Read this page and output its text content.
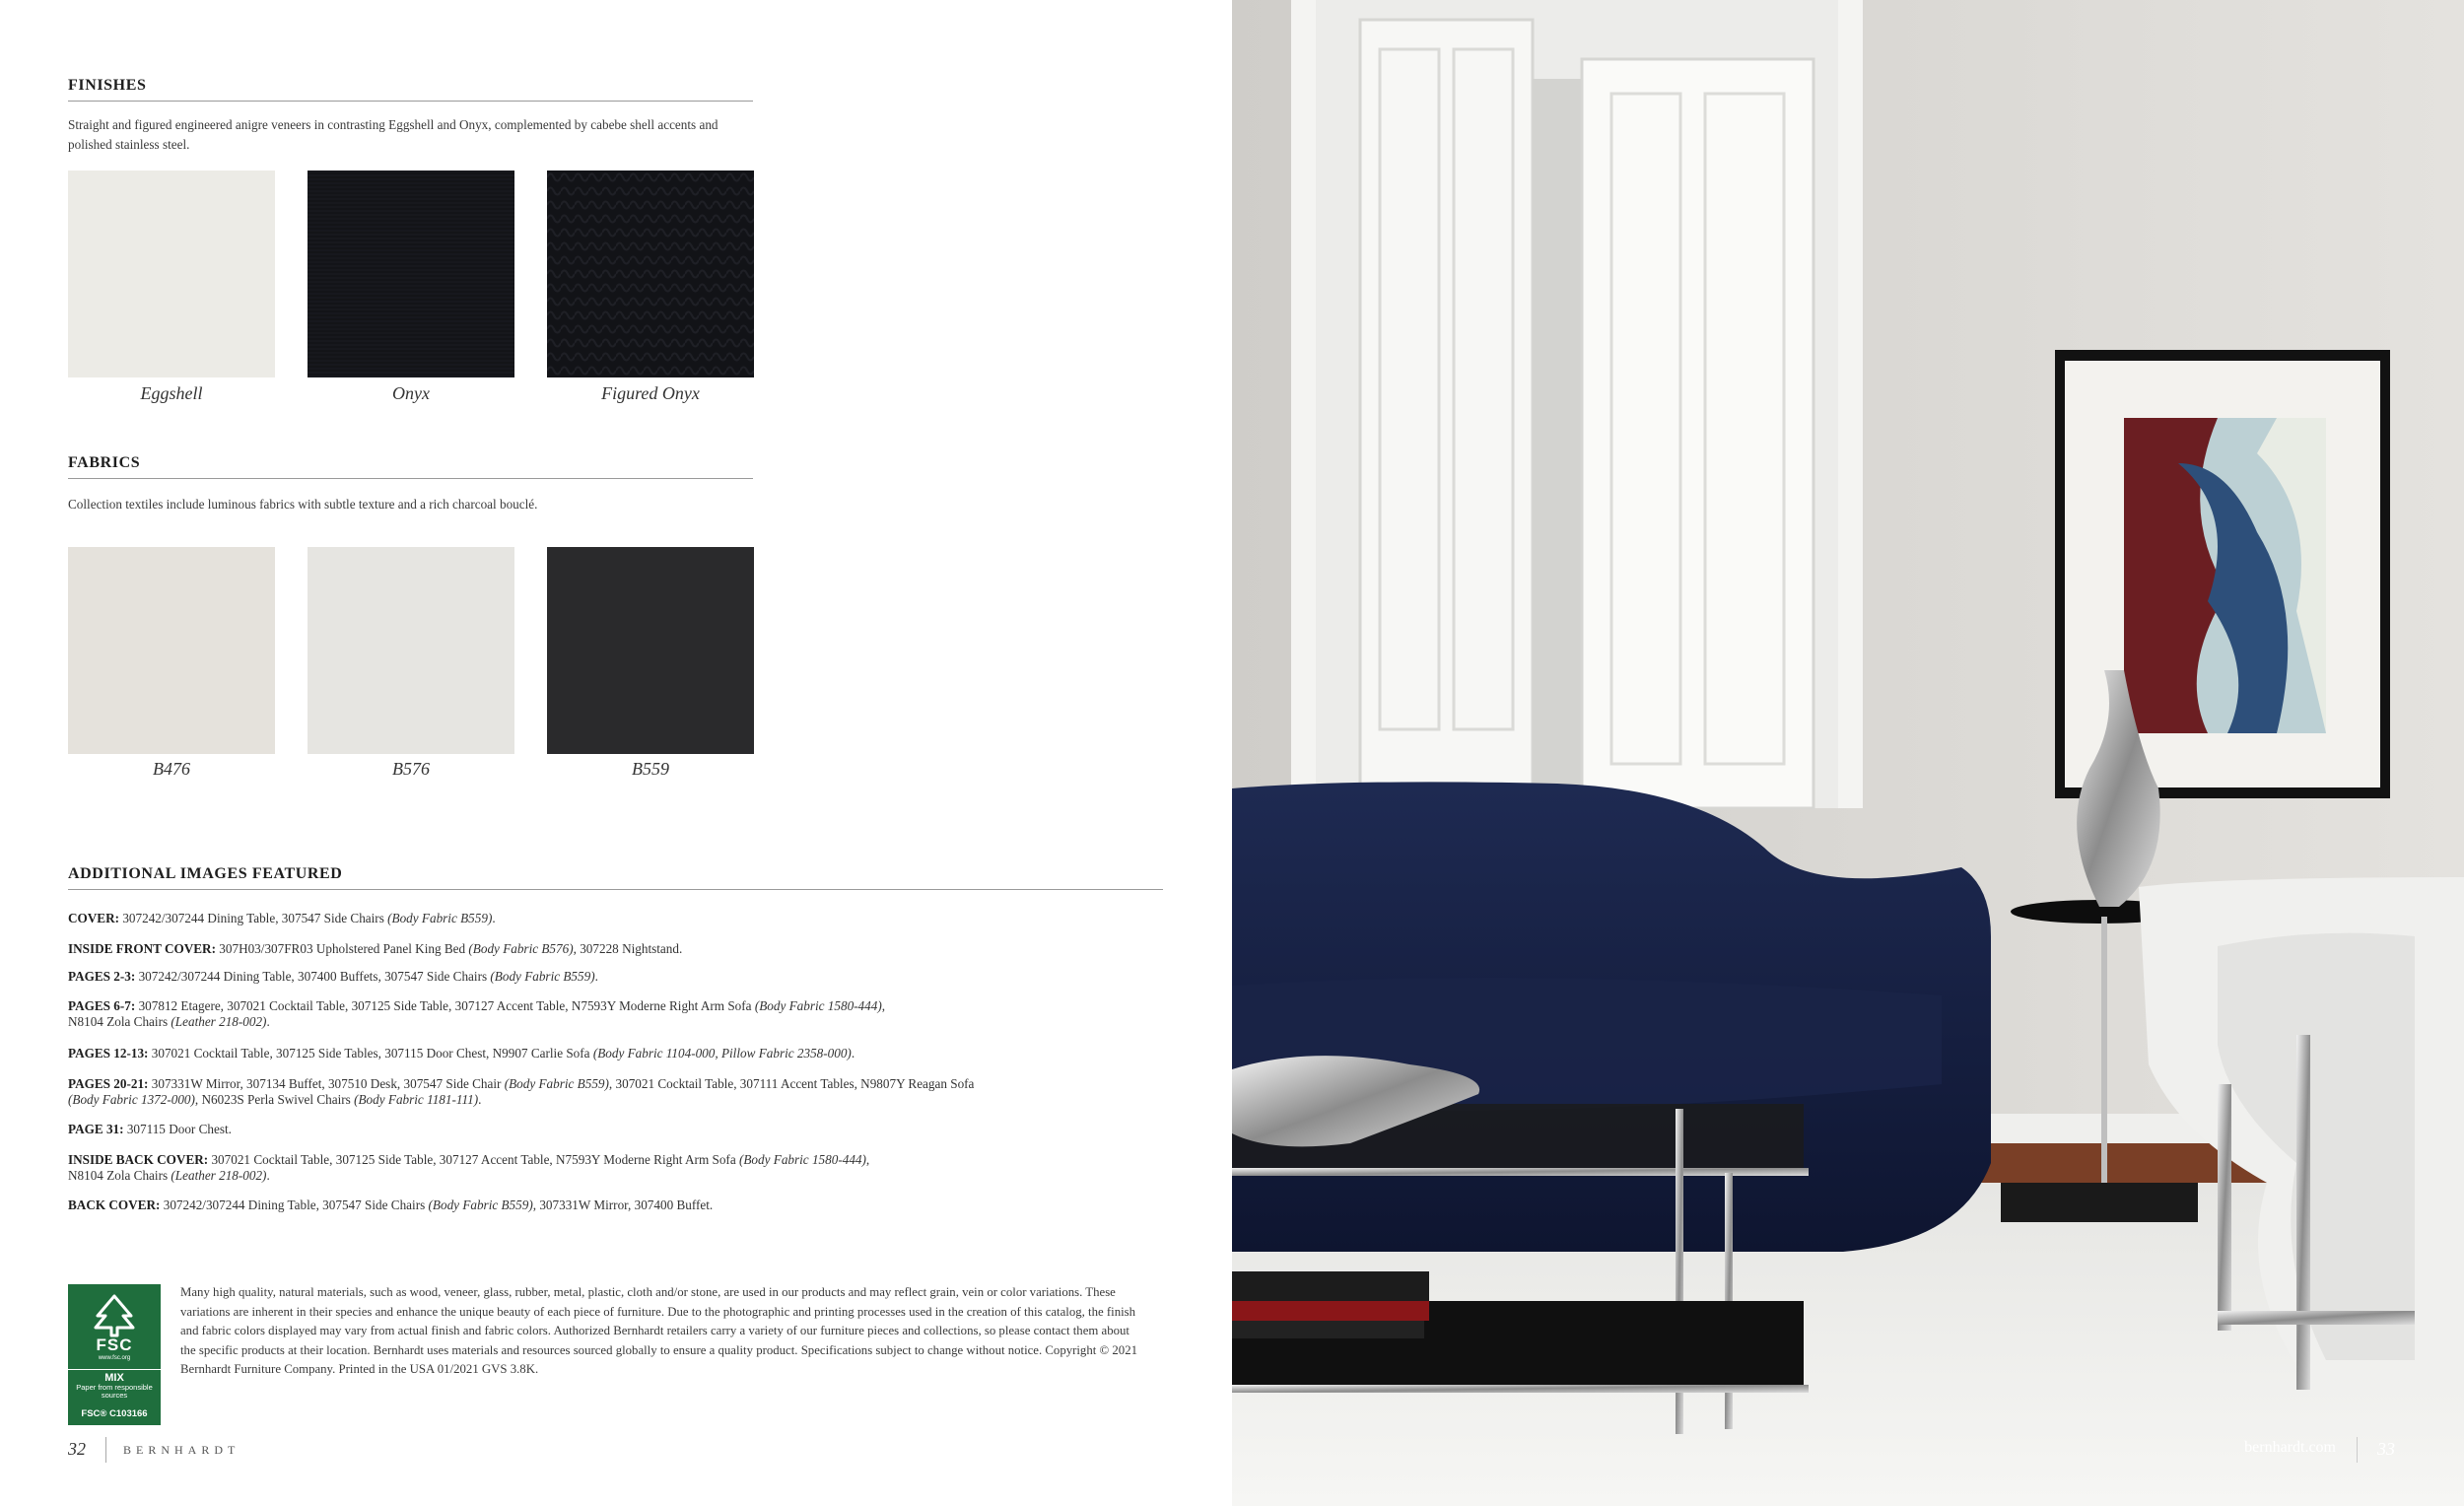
FINISHES
Straight and figured engineered anigre veneers in contrasting Eggshell and Onyx, complemented by cabebe shell accents and polished stainless steel.
Eggshell	Onyx	Figured Onyx
FABRICS
Collection textiles include luminous fabrics with subtle texture and a rich charcoal bouclé.
B476	B576	B559
ADDITIONAL IMAGES FEATURED
COVER: 307242/307244 Dining Table, 307547 Side Chairs (Body Fabric B559).
INSIDE FRONT COVER: 307H03/307FR03 Upholstered Panel King Bed (Body Fabric B576), 307228 Nightstand.
PAGES 2-3: 307242/307244 Dining Table, 307400 Buffets, 307547 Side Chairs (Body Fabric B559).
PAGES 6-7: 307812 Etagere, 307021 Cocktail Table, 307125 Side Table, 307127 Accent Table, N7593Y Moderne Right Arm Sofa (Body Fabric 1580-444),
N8104 Zola Chairs (Leather 218-002).
PAGES 12-13: 307021 Cocktail Table, 307125 Side Tables, 307115 Door Chest, N9907 Carlie Sofa (Body Fabric 1104-000, Pillow Fabric 2358-000).
PAGES 20-21: 307331W Mirror, 307134 Buffet, 307510 Desk, 307547 Side Chair (Body Fabric B559), 307021 Cocktail Table, 307111 Accent Tables, N9807Y Reagan Sofa
(Body Fabric 1372-000), N6023S Perla Swivel Chairs (Body Fabric 1181-111).
PAGE 31: 307115 Door Chest.
INSIDE BACK COVER: 307021 Cocktail Table, 307125 Side Table, 307127 Accent Table, N7593Y Moderne Right Arm Sofa (Body Fabric 1580-444),
N8104 Zola Chairs (Leather 218-002).
BACK COVER: 307242/307244 Dining Table, 307547 Side Chairs (Body Fabric B559), 307331W Mirror, 307400 Buffet.
FSC
www.fsc.org
MIX
Paper from responsible sources
FSC® C103166
Many high quality, natural materials, such as wood, veneer, glass, rubber, metal, plastic, cloth and/or stone, are used in our products and may reflect grain, vein or color variations. These variations are inherent in their species and enhance the unique beauty of each piece of furniture. Due to the photographic and printing processes used in the creation of this catalog, the finish and fabric colors displayed may vary from actual finish and fabric colors. Authorized Bernhardt retailers carry a variety of our furniture pieces and collections, so please contact them about the specific products at their location. Bernhardt uses materials and resources sourced globally to ensure a quality product. Specifications subject to change without notice. Copyright © 2021 Bernhardt Furniture Company. Printed in the USA 01/2021 GVS 3.8K.
32	BERNHARDT	bernhardt.com 33
